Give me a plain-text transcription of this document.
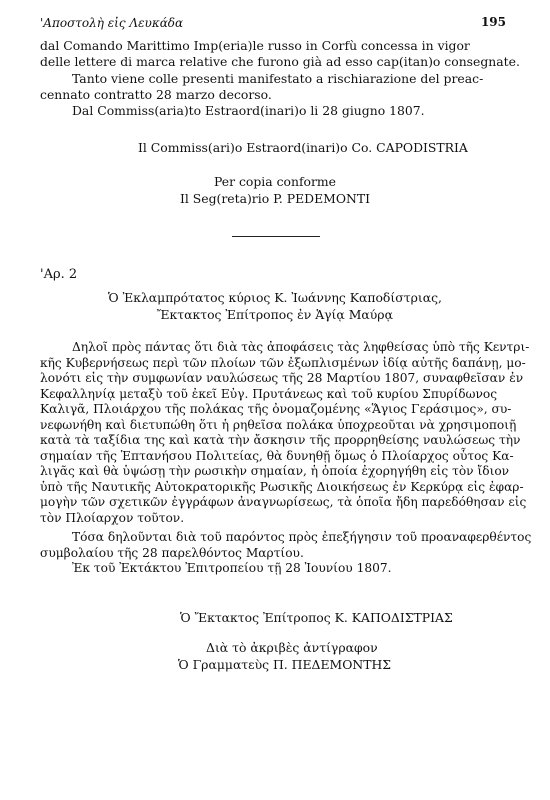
'Αποστολὴ εἰς Λευκάδα	195
dal Comando Marittimo Imp(eria)le russo in Corfù concessa in vigor
delle lettere di marca relative che furono già ad esso cap(itan)o consegnate.
Tanto viene colle presenti manifestato a rischiarazione del preac-
cennato contratto 28 marzo decorso.
Dal Commiss(aria)to Estraord(inari)o li 28 giugno 1807.
Il Commiss(ari)o Estraord(inari)o Co. CAPODISTRIA
Per copia conforme
Il Seg(reta)rio P. PEDEMONTI
'Αρ. 2
Ὁ Ἐκλαμπρότατος κύριος Κ. Ἰωάννης Καποδίστριας,
Ἔκτακτος Ἐπίτροπος ἐν Ἁγίᾳ Μαύρᾳ
Δηλοῖ πρὸς πάντας ὅτι διὰ τὰς ἀποφάσεις τὰς ληφθείσας ὑπὸ τῆς Κεντρι-
κῆς Κυβερνήσεως περὶ τῶν πλοίων τῶν ἐξωπλισμένων ἰδίᾳ αὐτῆς δαπάνῃ, μο-
λονότι εἰς τὴν συμφωνίαν ναυλώσεως τῆς 28 Μαρτίου 1807, συναφθεῖσαν ἐν
Κεφαλληνίᾳ μεταξὺ τοῦ ἐκεῖ Εὐγ. Πρυτάνεως καὶ τοῦ κυρίου Σπυρίδωνος
Καλιγᾶ, Πλοιάρχου τῆς πολάκας τῆς ὀνομαζομένης «Ἅγιος Γεράσιμος», συ-
νεφωνήθη καὶ διετυπώθη ὅτι ἡ ρηθεῖσα πολάκα ὑποχρεοῦται νὰ χρησιμοποιῇ
κατὰ τὰ ταξίδια της καὶ κατὰ τὴν ἄσκησιν τῆς προρρηθείσης ναυλώσεως τὴν
σημαίαν τῆς Ἑπτανήσου Πολιτείας, θὰ δυνηθῇ ὅμως ὁ Πλοίαρχος οὗτος Κα-
λιγᾶς καὶ θὰ ὑψώσῃ τὴν ρωσικὴν σημαίαν, ἡ ὁποία ἐχορηγήθη εἰς τὸν ἴδιον
ὑπὸ τῆς Ναυτικῆς Αὐτοκρατορικῆς Ρωσικῆς Διοικήσεως ἐν Κερκύρᾳ εἰς ἐφαρ-
μογὴν τῶν σχετικῶν ἐγγράφων ἀναγνωρίσεως, τὰ ὁποῖα ἤδη παρεδόθησαν εἰς
τὸν Πλοίαρχον τοῦτον.
Τόσα δηλοῦνται διὰ τοῦ παρόντος πρὸς ἐπεξήγησιν τοῦ προαναφερθέντος
συμβολαίου τῆς 28 παρελθόντος Μαρτίου.
Ἐκ τοῦ Ἐκτάκτου Ἐπιτροπείου τῇ 28 Ἰουνίου 1807.
Ὁ Ἔκτακτος Ἐπίτροπος Κ. ΚΑΠΟΔΙΣΤΡΙΑΣ
Διὰ τὸ ἀκριβὲς ἀντίγραφον
Ὁ Γραμματεὺς Π. ΠΕΔΕΜΟΝΤΗΣ
